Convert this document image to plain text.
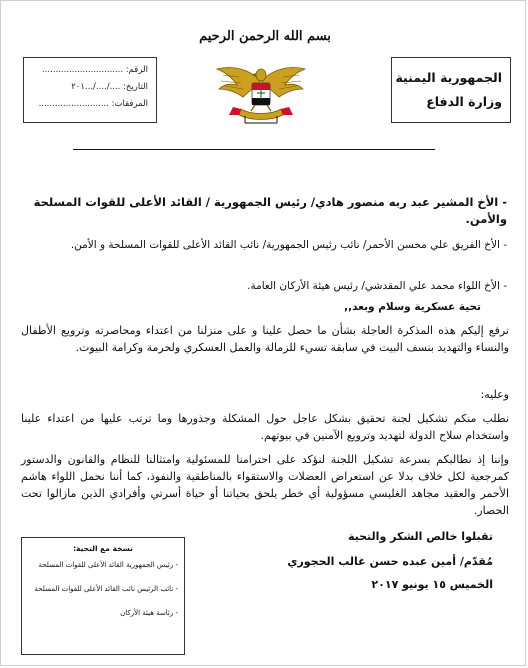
بسم الله الرحمن الرحيم
الجمهورية اليمنية
وزارة الدفاع
الرقم: ..............................
التاريخ: ..../..../...٢٠١
المرفقات: ..........................
- الأخ المشير عبد ربه منصور هادي/ رئيس الجمهورية / القائد الأعلى للقوات المسلحة والأمن.
- الأخ الفريق علي محسن الأحمر/ نائب رئيس الجمهورية/ نائب القائد الأعلى للقوات المسلحة و الأمن.
- الأخ اللواء محمد علي المقدشي/ رئيس هيئة الأركان العامة.
تحية عسكرية وسلام وبعد,,
نرفع إليكم هذه المذكرة العاجلة بشأن ما حصل علينا و على منزلنا من اعتداء ومحاصرته وترويع الأطفال والنساء والتهديد بنسف البيت في سابقة تسيء للزمالة والعمل العسكري ولحرمة وكرامة البيوت.
وعليه:
نطلب منكم تشكيل لجنة تحقيق بشكل عاجل حول المشكلة وجذورها وما ترتب عليها من اعتداء علينا واستخدام سلاح الدولة لتهديد وترويع الآمنين في بيوتهم.
وإننا إذ نطالبكم بسرعة تشكيل اللجنة لنؤكد على احترامنا للمسئولية وامتثالنا للنظام والقانون والدستور كمرجعية لكل خلاف بدلا عن استعراض العضلات والاستقواء بالمناطقية والنفوذ، كما أننا نحمل اللواء هاشم الأحمر والعقيد مجاهد الغليسي مسؤولية أي خطر يلحق بحياتنا أو حياة أسرتي وأفرادي الذين مازالوا تحت الحصار.
تقبلوا خالص الشكر والتحية
مُقدّم/ أمين عبده حسن غالب الحجوري
الخميس ١٥ يونيو ٢٠١٧
نسخة مع التحية:
- رئيس الجمهورية القائد الأعلى للقوات المسلحة
- نائب الرئيس نائب القائد الأعلى للقوات المسلحة
- رئاسة هيئة الأركان
